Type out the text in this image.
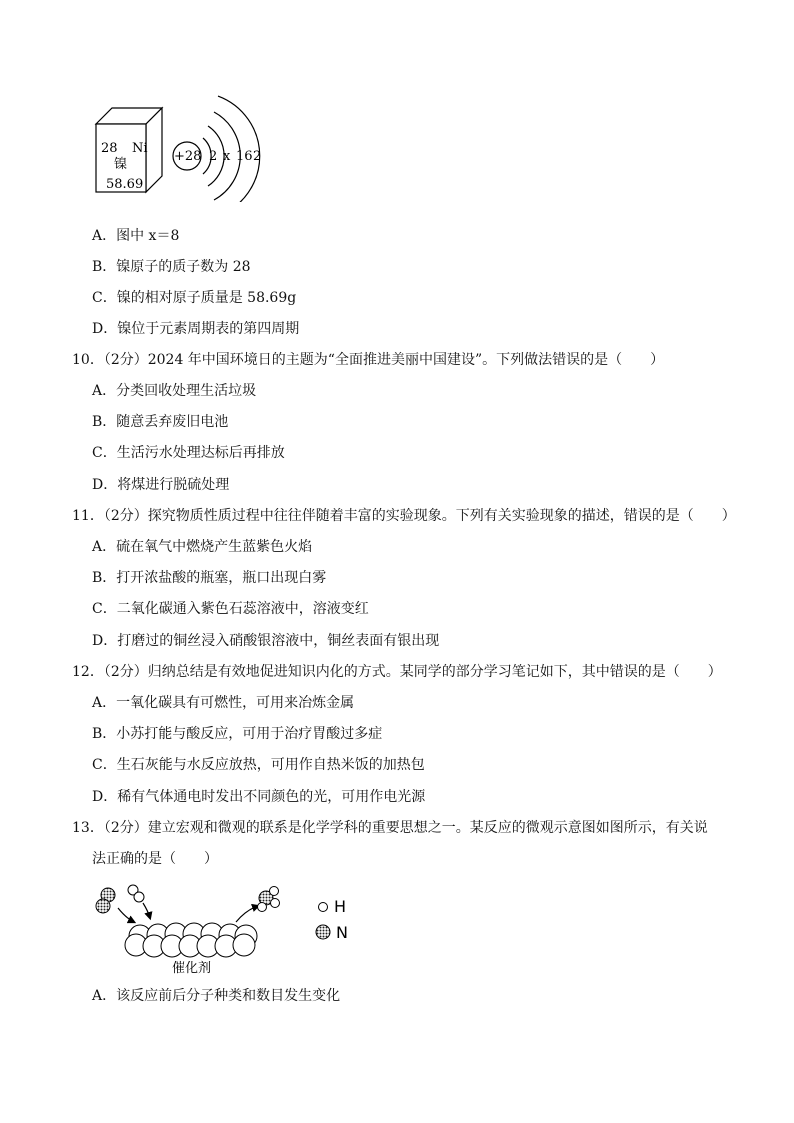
28 Ni
镍
58.69
+28 2 x 16 2
A．图中 x＝8
B．镍原子的质子数为 28
C．镍的相对原子质量是 58.69g
D．镍位于元素周期表的第四周期
10．（2分）2024 年中国环境日的主题为“全面推进美丽中国建设”。下列做法错误的是（　　）
A．分类回收处理生活垃圾
B．随意丢弃废旧电池
C．生活污水处理达标后再排放
D．将煤进行脱硫处理
11．（2分）探究物质性质过程中往往伴随着丰富的实验现象。下列有关实验现象的描述，错误的是（　　）
A．硫在氧气中燃烧产生蓝紫色火焰
B．打开浓盐酸的瓶塞，瓶口出现白雾
C．二氧化碳通入紫色石蕊溶液中，溶液变红
D．打磨过的铜丝浸入硝酸银溶液中，铜丝表面有银出现
12．（2分）归纳总结是有效地促进知识内化的方式。某同学的部分学习笔记如下，其中错误的是（　　）
A．一氧化碳具有可燃性，可用来冶炼金属
B．小苏打能与酸反应，可用于治疗胃酸过多症
C．生石灰能与水反应放热，可用作自热米饭的加热包
D．稀有气体通电时发出不同颜色的光，可用作电光源
13．（2分）建立宏观和微观的联系是化学学科的重要思想之一。某反应的微观示意图如图所示，有关说
法正确的是（　　）
催化剂
H
N
A．该反应前后分子种类和数目发生变化
